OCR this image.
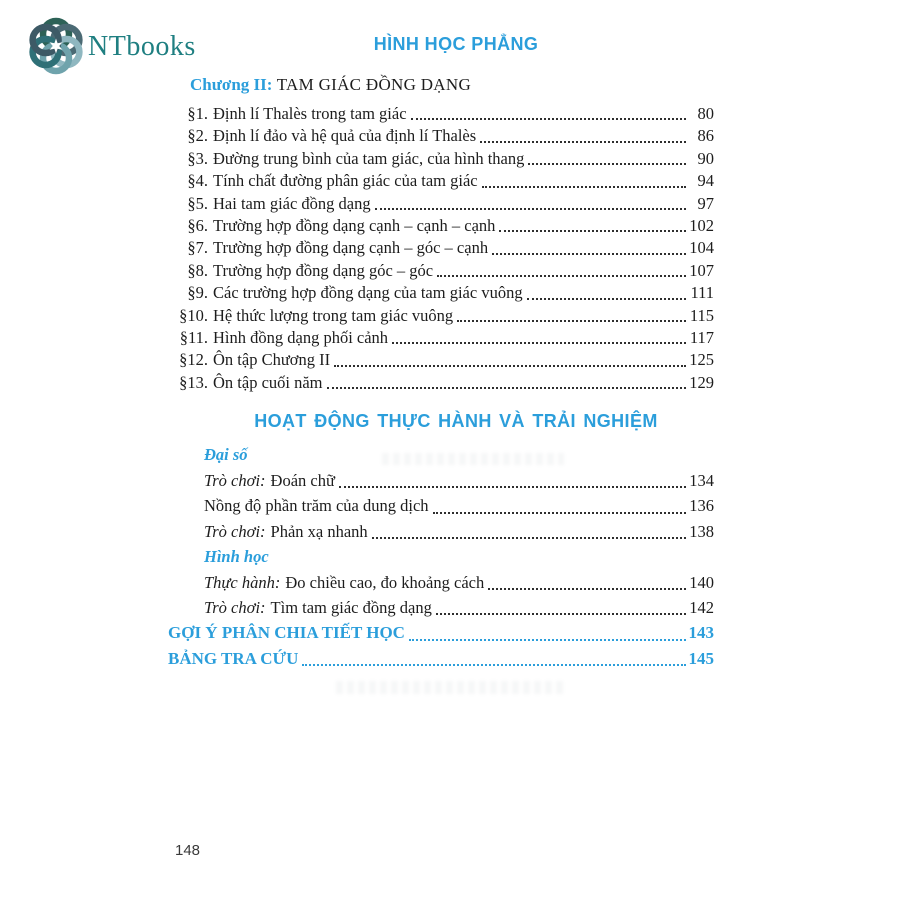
NTbooks	HÌNH HỌC PHẲNG

Chương II: TAM GIÁC ĐỒNG DẠNG

§1. Định lí Thalès trong tam giác	80
§2. Định lí đảo và hệ quả của định lí Thalès	86
§3. Đường trung bình của tam giác, của hình thang	90
§4. Tính chất đường phân giác của tam giác	94
§5. Hai tam giác đồng dạng	97
§6. Trường hợp đồng dạng cạnh – cạnh – cạnh	102
§7. Trường hợp đồng dạng cạnh – góc – cạnh	104
§8. Trường hợp đồng dạng góc – góc	107
§9. Các trường hợp đồng dạng của tam giác vuông	111
§10. Hệ thức lượng trong tam giác vuông	115
§11. Hình đồng dạng phối cảnh	117
§12. Ôn tập Chương II	125
§13. Ôn tập cuối năm	129
HOẠT ĐỘNG THỰC HÀNH VÀ TRẢI NGHIỆM

Đại số

Trò chơi: Đoán chữ	134
Nồng độ phần trăm của dung dịch	136
Trò chơi: Phản xạ nhanh	138

Hình học

Thực hành: Đo chiều cao, đo khoảng cách	140
Trò chơi: Tìm tam giác đồng dạng	142
GỢI Ý PHÂN CHIA TIẾT HỌC	143
BẢNG TRA CỨU	145
148
